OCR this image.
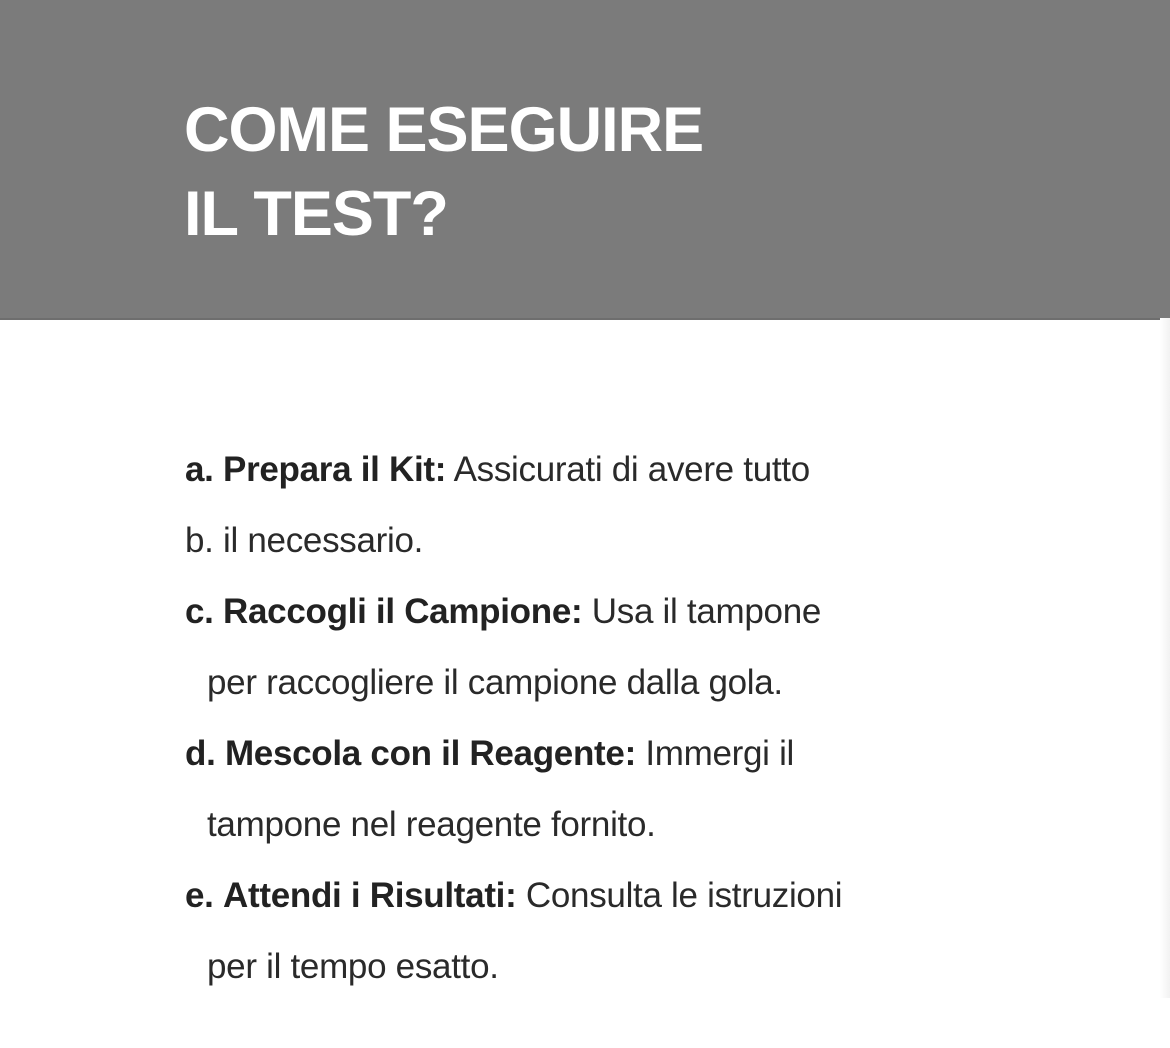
COME ESEGUIRE
IL TEST?
a. Prepara il Kit: Assicurati di avere tutto
b. il necessario.
c. Raccogli il Campione: Usa il tampone
per raccogliere il campione dalla gola.
d. Mescola con il Reagente: Immergi il
tampone nel reagente fornito.
e. Attendi i Risultati: Consulta le istruzioni
per il tempo esatto.
